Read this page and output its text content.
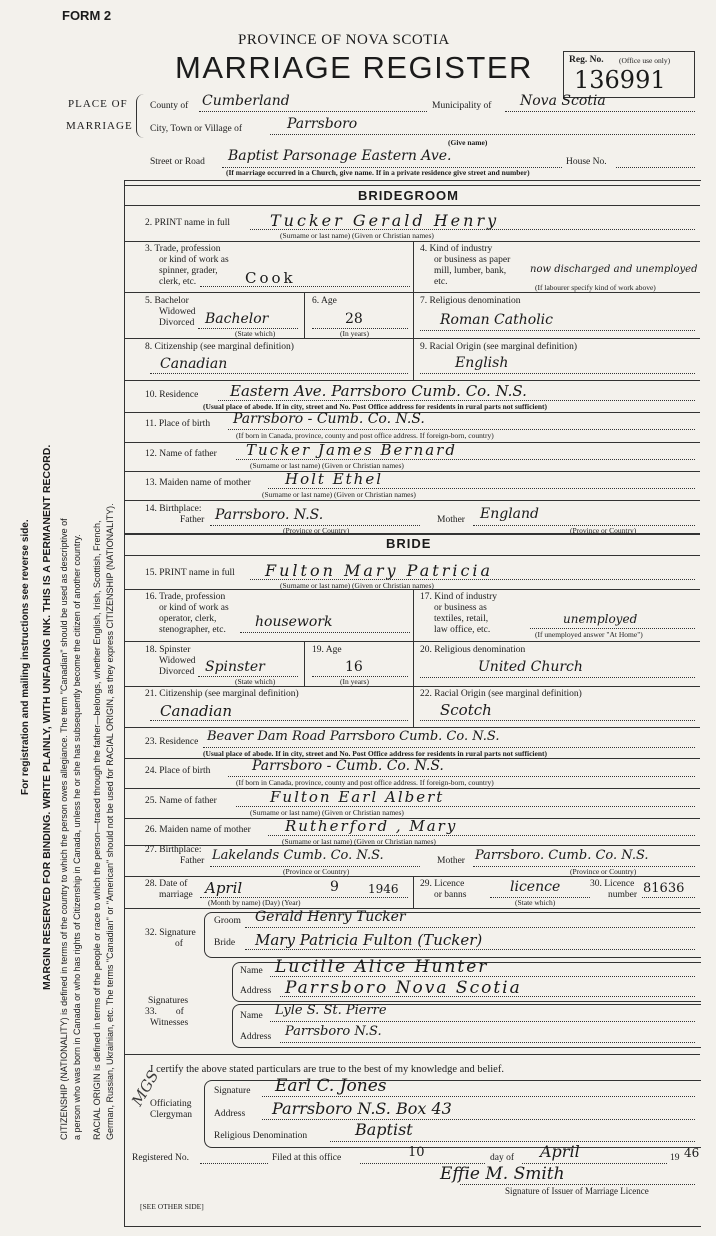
FORM 2
PROVINCE OF NOVA SCOTIA
MARRIAGE REGISTER	Reg. No. (Office use only)
136991
PLACE OF
MARRIAGE
County of Cumberland	Municipality of Nova Scotia
City, Town or Village of	Parrsboro
(Give name)
Street or Road Baptist Parsonage Eastern Ave.	House No.
(If marriage occurred in a Church, give name. If in a private residence give street and number)
BRIDEGROOM
2. PRINT name in full Tucker Gerald Henry
(Surname or last name) (Given or Christian names)
3. Trade, profession
or kind of work as
spinner, grader,
clerk, etc.	Cook
4. Kind of industry
or business as paper
mill, lumber, bank,
etc.
now discharged and unemployed
(If labourer specify kind of work above)
5. Bachelor
Widowed
Divorced Bachelor
(State which)
6. Age
28
(In years)
7. Religious denomination
Roman Catholic
8. Citizenship (see marginal definition)
Canadian
9. Racial Origin (see marginal definition)
English
10. Residence Eastern Ave. Parrsboro Cumb. Co. N.S.
(Usual place of abode. If in city, street and No. Post Office address for residents in rural parts not sufficient)
11. Place of birth Parrsboro - Cumb. Co. N.S.
(If born in Canada, province, county and post office address. If foreign-born, country)
12. Name of father Tucker James Bernard
(Surname or last name) (Given or Christian names)
13. Maiden name of mother Holt Ethel
(Surname or last name) (Given or Christian names)
14. Birthplace:
Father Parrsboro. N.S.
(Province or Country)
Mother England
(Province or Country)
BRIDE
15. PRINT name in full Fulton Mary Patricia
(Surname or last name) (Given or Christian names)
16. Trade, profession
or kind of work as
operator, clerk,
stenographer, etc. housework
17. Kind of industry
or business as
textiles, retail,
law office, etc.
unemployed
(If unemployed answer "At Home")
18. Spinster
Widowed
Divorced Spinster
(State which)
19. Age
16
(In years)
20. Religious denomination
United Church
21. Citizenship (see marginal definition)
Canadian
22. Racial Origin (see marginal definition)
Scotch
23. Residence Beaver Dam Road Parrsboro Cumb. Co. N.S.
(Usual place of abode. If in city, street and No. Post Office address for residents in rural parts not sufficient)
24. Place of birth	Parrsboro - Cumb. Co. N.S.
(If born in Canada, province, county and post office address. If foreign-born, country)
25. Name of father	Fulton Earl Albert
(Surname or last name) (Given or Christian names)
26. Maiden name of mother Rutherford , Mary
(Surname or last name) (Given or Christian names)
27. Birthplace:
Father Lakelands Cumb. Co. N.S.
(Province or Country)
Mother Parrsboro. Cumb. Co. N.S.
(Province or Country)
28. Date of
marriage April	9 1946
(Month by name) (Day) (Year)
29. Licence
or banns	licence
(State which)
30. Licence
number 81636
32. Signature
of
Groom Gerald Henry Tucker
Bride Mary Patricia Fulton (Tucker)
Signatures
33.        of
Witnesses
Name Lucille Alice Hunter
Address Parrsboro Nova Scotia
Name Lyle S. St. Pierre
Address Parrsboro N.S.
I certify the above stated particulars are true to the best of my knowledge and belief.
Officiating
Clergyman
Signature Earl C. Jones
Address Parrsboro N.S. Box 43
Religious Denomination	Baptist
Registered No.	Filed at this office	10	day of April	19 46
Effie M. Smith
Signature of Issuer of Marriage Licence
[SEE OTHER SIDE]
MGS
For registration and mailing instructions see reverse side. MARGIN RESERVED FOR BINDING. WRITE PLAINLY, WITH UNFADING INK. THIS IS A PERMANENT RECORD. CITIZENSHIP (NATIONALITY) is defined in terms of the country to which the person owes allegiance. The term "Canadian" should be used as descriptive of a person who was born in Canada or who has rights of Citizenship in Canada, unless he or she has subsequently become the citizen of another country. RACIAL ORIGIN is defined in terms of the people or race to which the person—traced through the father—belongs, whether English, Irish, Scottish, French, German, Russian, Ukrainian, etc. The terms "Canadian" or "American" should not be used for RACIAL ORIGIN, as they express CITIZENSHIP (NATIONALITY).
